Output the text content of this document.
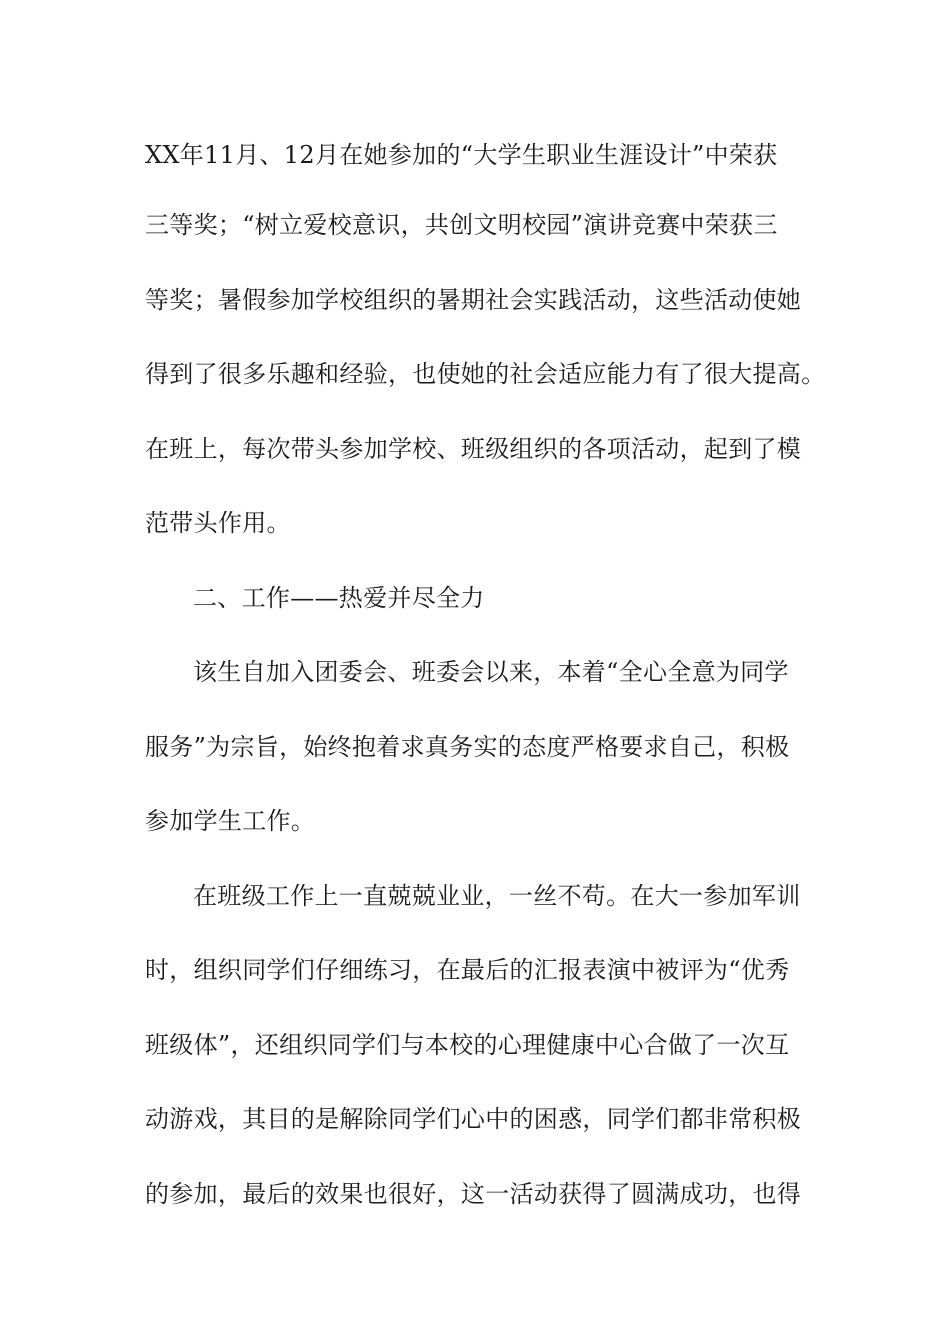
XX年11月、12月在她参加的“大学生职业生涯设计”中荣获
三等奖；“树立爱校意识，共创文明校园”演讲竞赛中荣获三
等奖；暑假参加学校组织的暑期社会实践活动，这些活动使她
得到了很多乐趣和经验，也使她的社会适应能力有了很大提高。
在班上，每次带头参加学校、班级组织的各项活动，起到了模
范带头作用。
二、工作——热爱并尽全力
该生自加入团委会、班委会以来，本着“全心全意为同学
服务”为宗旨，始终抱着求真务实的态度严格要求自己，积极
参加学生工作。
在班级工作上一直兢兢业业，一丝不苟。在大一参加军训
时，组织同学们仔细练习，在最后的汇报表演中被评为“优秀
班级体”，还组织同学们与本校的心理健康中心合做了一次互
动游戏，其目的是解除同学们心中的困惑，同学们都非常积极
的参加，最后的效果也很好，这一活动获得了圆满成功，也得
